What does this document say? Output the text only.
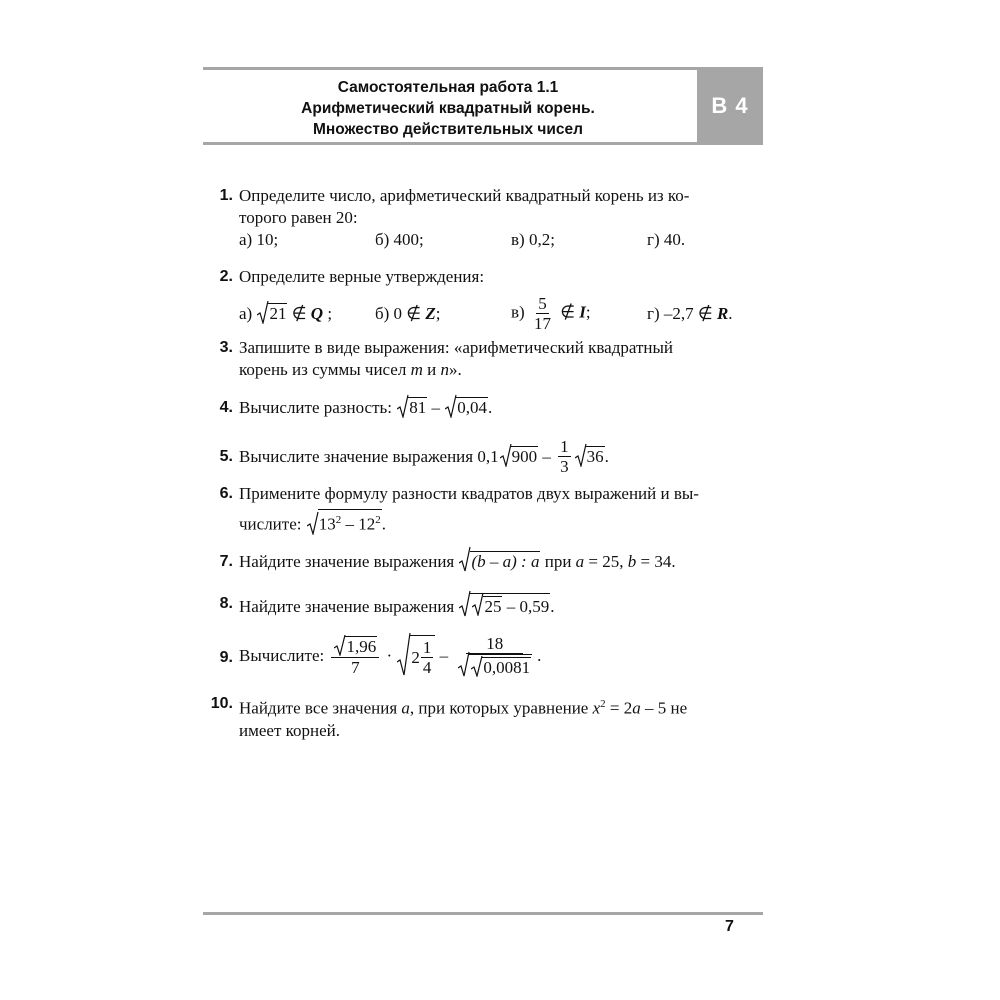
Самостоятельная работа 1.1
Арифметический квадратный корень.
Множество действительных чисел
В 4
1. Определите число, арифметический квадратный корень из ко-
торого равен 20:
а) 10;	б) 400;	в) 0,2;	г) 40.
2. Определите верные утверждения:
а)
21 ∉ Q ;	б) 0 ∉ Z;	$в) \frac{5}{17}$ ∉ I;	г) –2,7 ∉ R.
3. Запишите в виде выражения: «арифметический квадратный
корень из суммы чисел m и n».
4. Вычислите разность:
81 –
0,04.
5. Вычислите значение выражения 0,1 $900 - \frac{1}{3} 36$ .
6. Примените формулу разности квадратов двух выражений и вы-
числите:
$13^2 - 12^2$.
7. Найдите значение выражения
(b – a) : a при a = 25, b = 34.
8. Найдите значение выражения
25 – 0,59.
9. Вычислите: $\frac{1,96}{7} \cdot 2 \frac{1}{4} - \frac{18}{0,0081}$ .
10. Найдите все значения a, при которых уравнение $x^2 = 2a - 5$ не
имеет корней.
7
